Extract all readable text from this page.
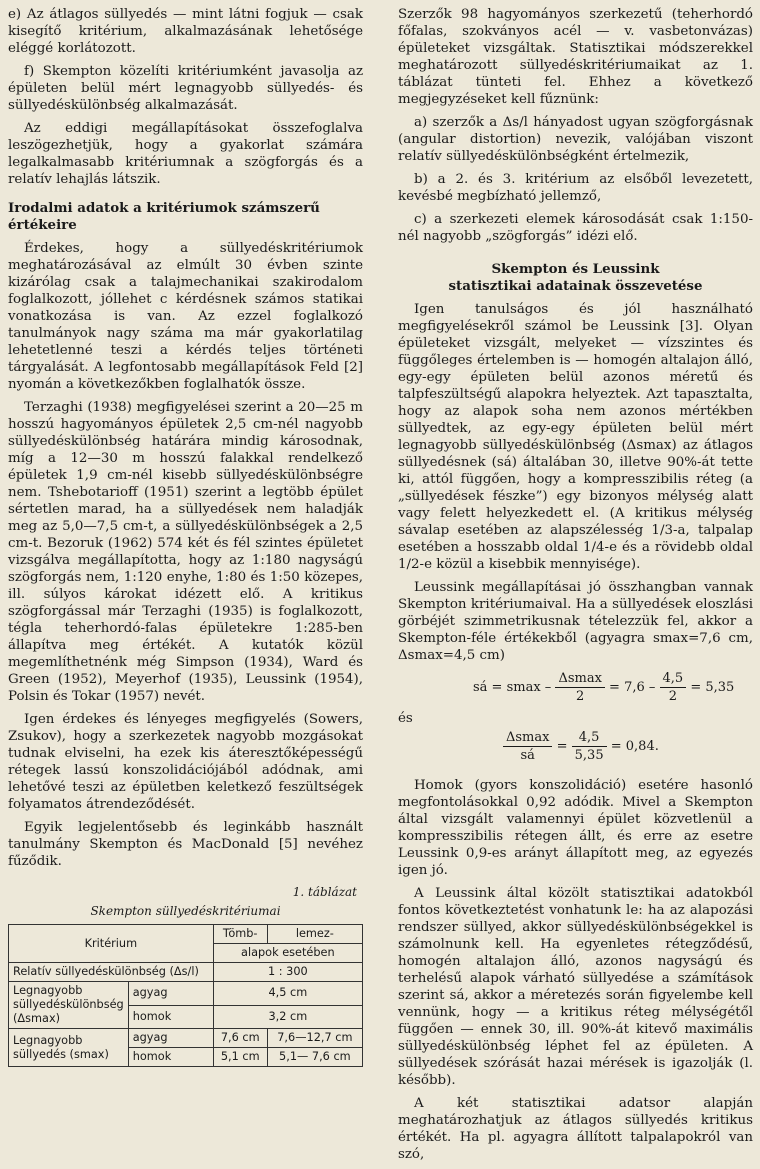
e) Az átlagos süllyedés — mint látni fogjuk — csak kisegítő kritérium, alkalmazásának lehetősége eléggé korlátozott.

f) Skempton közelíti kritériumként javasolja az épületen belül mért legnagyobb süllyedés- és süllyedéskülönbség alkalmazását.

Az eddigi megállapításokat összefoglalva leszögezhetjük, hogy a gyakorlat számára legalkalmasabb kritériumnak a szögforgás és a relatív lehajlás látszik.

Irodalmi adatok a kritériumok számszerű értékeire

Érdekes, hogy a süllyedéskritériumok meghatározásával az elmúlt 30 évben szinte kizárólag csak a talajmechanikai szakirodalom foglalkozott, jóllehet c kérdésnek számos statikai vonatkozása is van. Az ezzel foglalkozó tanulmányok nagy száma ma már gyakorlatilag lehetetlenné teszi a kérdés teljes történeti tárgyalását. A legfontosabb megállapítások Feld [2] nyomán a következőkben foglalhatók össze.

Terzaghi (1938) megfigyelései szerint a 20—25 m hosszú hagyományos épületek 2,5 cm-nél nagyobb süllyedéskülönbség határára mindig károsodnak, míg a 12—30 m hosszú falakkal rendelkező épületek 1,9 cm-nél kisebb süllyedéskülönbségre nem. Tshebotarioff (1951) szerint a legtöbb épület sértetlen marad, ha a süllyedések nem haladják meg az 5,0—7,5 cm-t, a süllyedéskülönbségek a 2,5 cm-t. Bezoruk (1962) 574 két és fél szintes épületet vizsgálva megállapította, hogy az 1:180 nagyságú szögforgás nem, 1:120 enyhe, 1:80 és 1:50 közepes, ill. súlyos károkat idézett elő. A kritikus szögforgással már Terzaghi (1935) is foglalkozott, tégla teherhordó-falas épületekre 1:285-ben állapítva meg értékét. A kutatók közül megemlíthetnénk még Simpson (1934), Ward és Green (1952), Meyerhof (1935), Leussink (1954), Polsin és Tokar (1957) nevét.

Igen érdekes és lényeges megfigyelés (Sowers, Zsukov), hogy a szerkezetek nagyobb mozgásokat tudnak elviselni, ha ezek kis áteresztőképességű rétegek lassú konszolidációjából adódnak, ami lehetővé teszi az épületben keletkező feszültségek folyamatos átrendeződését.

Egyik legjelentősebb és leginkább használt tanulmány Skempton és MacDonald [5] nevéhez fűződik.

1. táblázat
Skempton süllyedéskritériumai
Kritérium		Tömb-	lemez-
		alapok esetében	
Relatív süllyedéskülönbség (Δs/l)		1 : 300	
Legnagyobb süllyedéskülönbség (Δsmax)	agyag	4,5 cm	
	homok	3,2 cm	
Legnagyobb süllyedés (smax)	agyag	7,6 cm	7,6—12,7 cm
	homok	5,1 cm	5,1— 7,6 cm

Szerzők 98 hagyományos szerkezetű (teherhordó főfalas, szokványos acél — v. vasbetonvázas) épületeket vizsgáltak. Statisztikai módszerekkel meghatározott süllyedéskritériumaikat az 1. táblázat tünteti fel. Ehhez a következő megjegyzéseket kell fűznünk:

a) szerzők a Δs/l hányadost ugyan szögforgásnak (angular distortion) nevezik, valójában viszont relatív süllyedéskülönbségként értelmezik,

b) a 2. és 3. kritérium az elsőből levezetett, kevésbé megbízható jellemző,

c) a szerkezeti elemek károsodását csak 1:150-nél nagyobb „szögforgás” idézi elő.

Skempton és Leussink
statisztikai adatainak összevetése

Igen tanulságos és jól használható megfigyelésekről számol be Leussink [3]. Olyan épületeket vizsgált, melyeket — vízszintes és függőleges értelemben is — homogén altalajon álló, egy-egy épületen belül azonos méretű és talpfeszültségű alapokra helyeztek. Azt tapasztalta, hogy az alapok soha nem azonos mértékben süllyedtek, az egy-egy épületen belül mért legnagyobb süllyedéskülönbség (Δsmax) az átlagos süllyedésnek (sá) általában 30, illetve 90%-át tette ki, attól függően, hogy a kompresszibilis réteg (a „süllyedések fészke”) egy bizonyos mélység alatt vagy felett helyezkedett el. (A kritikus mélység sávalap esetében az alapszélesség 1/3-a, talpalap esetében a hosszabb oldal 1/4-e és a rövidebb oldal 1/2-e közül a kisebbik mennyisége).

Leussink megállapításai jó összhangban vannak Skempton kritériumaival. Ha a süllyedések eloszlási görbéjét szimmetrikusnak tételezzük fel, akkor a Skempton-féle értékekből (agyagra smax=7,6 cm, Δsmax=4,5 cm)

sá = $smax - \frac{\Delta smax}{2} = 7,6 - \frac{4,5}{2} = 5,35$
és
$\frac{\Delta smax}{sá} = \frac{4,5}{5,35} = 0,84$.

Homok (gyors konszolidáció) esetére hasonló megfontolásokkal 0,92 adódik. Mivel a Skempton által vizsgált valamennyi épület közvetlenül a kompresszibilis rétegen állt, és erre az esetre Leussink 0,9-es arányt állapított meg, az egyezés igen jó.

A Leussink által közölt statisztikai adatokból fontos következtetést vonhatunk le: ha az alapozási rendszer süllyed, akkor süllyedéskülönbségekkel is számolnunk kell. Ha egyenletes rétegződésű, homogén altalajon álló, azonos nagyságú és terhelésű alapok várható süllyedése a számítások szerint sá, akkor a méretezés során figyelembe kell vennünk, hogy — a kritikus réteg mélységétől függően — ennek 30, ill. 90%-át kitevő maximális süllyedéskülönbség léphet fel az épületen. A süllyedések szórását hazai mérések is igazolják (l. később).

A két statisztikai adatsor alapján meghatározhatjuk az átlagos süllyedés kritikus értékét. Ha pl. agyagra állított talpalapokról van szó,
